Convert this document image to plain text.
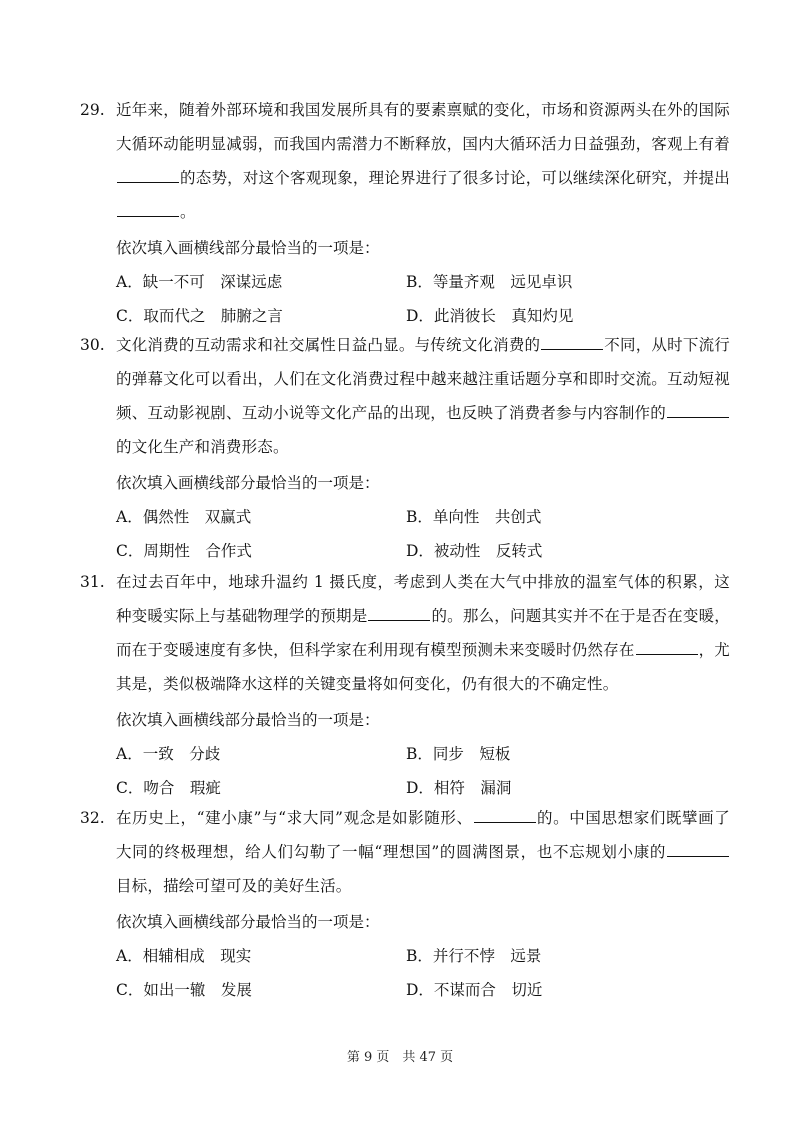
29. 近年来，随着外部环境和我国发展所具有的要素禀赋的变化，市场和资源两头在外的国际大循环动能明显减弱，而我国内需潜力不断释放，国内大循环活力日益强劲，客观上有着的态势，对这个客观现象，理论界进行了很多讨论，可以继续深化研究，并提出。
依次填入画横线部分最恰当的一项是：
A．缺一不可　深谋远虑	B．等量齐观　远见卓识
C．取而代之　肺腑之言	D．此消彼长　真知灼见
30. 文化消费的互动需求和社交属性日益凸显。与传统文化消费的	不同，从时下流行的弹幕文化可以看出，人们在文化消费过程中越来越注重话题分享和即时交流。互动短视频、互动影视剧、互动小说等文化产品的出现，也反映了消费者参与内容制作的的文化生产和消费形态。
依次填入画横线部分最恰当的一项是：
A．偶然性　双赢式	B．单向性　共创式
C．周期性　合作式	D．被动性　反转式
31. 在过去百年中，地球升温约 1 摄氏度，考虑到人类在大气中排放的温室气体的积累，这种变暖实际上与基础物理学的预期是	的。那么，问题其实并不在于是否在变暖，而在于变暖速度有多快，但科学家在利用现有模型预测未来变暖时仍然存在	，尤其是，类似极端降水这样的关键变量将如何变化，仍有很大的不确定性。
依次填入画横线部分最恰当的一项是：
A．一致　分歧	B．同步　短板
C．吻合　瑕疵	D．相符　漏洞
32. 在历史上，“建小康”与“求大同”观念是如影随形、	的。中国思想家们既擘画了大同的终极理想，给人们勾勒了一幅“理想国”的圆满图景，也不忘规划小康的目标，描绘可望可及的美好生活。
依次填入画横线部分最恰当的一项是：
A．相辅相成　现实	B．并行不悖　远景
C．如出一辙　发展	D．不谋而合　切近
第 9 页　共 47 页
